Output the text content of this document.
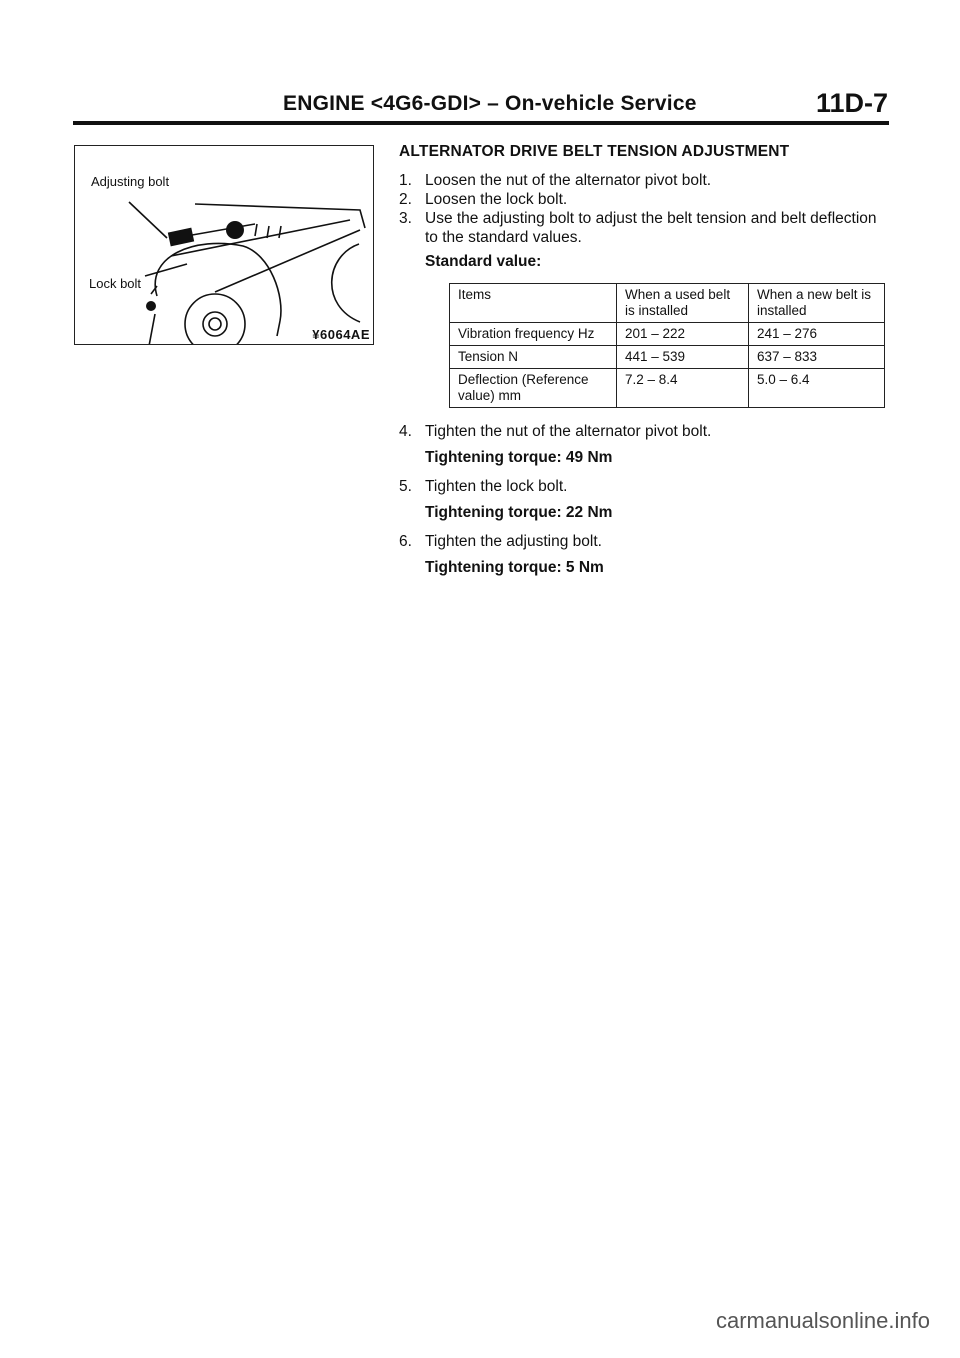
ENGINE <4G6-GDI> – On-vehicle Service	11D-7
Adjusting bolt
Lock bolt
¥6064AE
ALTERNATOR DRIVE BELT TENSION ADJUSTMENT
1. Loosen the nut of the alternator pivot bolt.
2. Loosen the lock bolt.
3. Use the adjusting bolt to adjust the belt tension and belt deflection to the standard values.
Standard value:
Items	When a used belt is installed	When a new belt is installed
Vibration frequency Hz	201 – 222	241 – 276
Tension N	441 – 539	637 – 833
Deflection (Reference value) mm	7.2 – 8.4	5.0 – 6.4
4. Tighten the nut of the alternator pivot bolt.
Tightening torque: 49 Nm
5. Tighten the lock bolt.
Tightening torque: 22 Nm
6. Tighten the adjusting bolt.
Tightening torque: 5 Nm
carmanualsonline.info
